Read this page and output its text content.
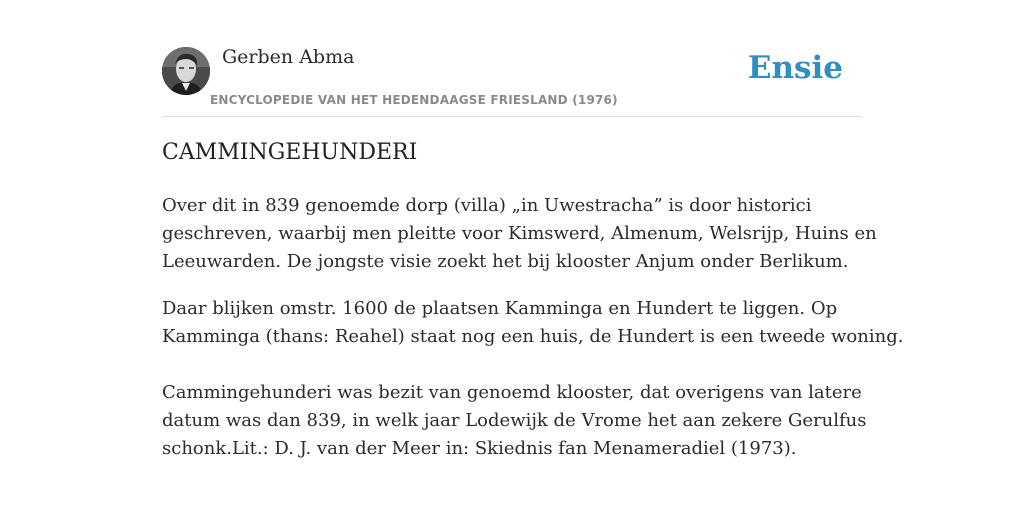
Gerben Abma
ENCYCLOPEDIE VAN HET HEDENDAAGSE FRIESLAND (1976)
Ensie
CAMMINGEHUNDERI

Over dit in 839 genoemde dorp (villa) „in Uwestracha” is door historici
geschreven, waarbij men pleitte voor Kimswerd, Almenum, Welsrijp, Huins en
Leeuwarden. De jongste visie zoekt het bij klooster Anjum onder Berlikum.

Daar blijken omstr. 1600 de plaatsen Kamminga en Hundert te liggen. Op
Kamminga (thans: Reahel) staat nog een huis, de Hundert is een tweede woning.

Cammingehunderi was bezit van genoemd klooster, dat overigens van latere
datum was dan 839, in welk jaar Lodewijk de Vrome het aan zekere Gerulfus
schonk.Lit.: D. J. van der Meer in: Skiednis fan Menameradiel (1973).
